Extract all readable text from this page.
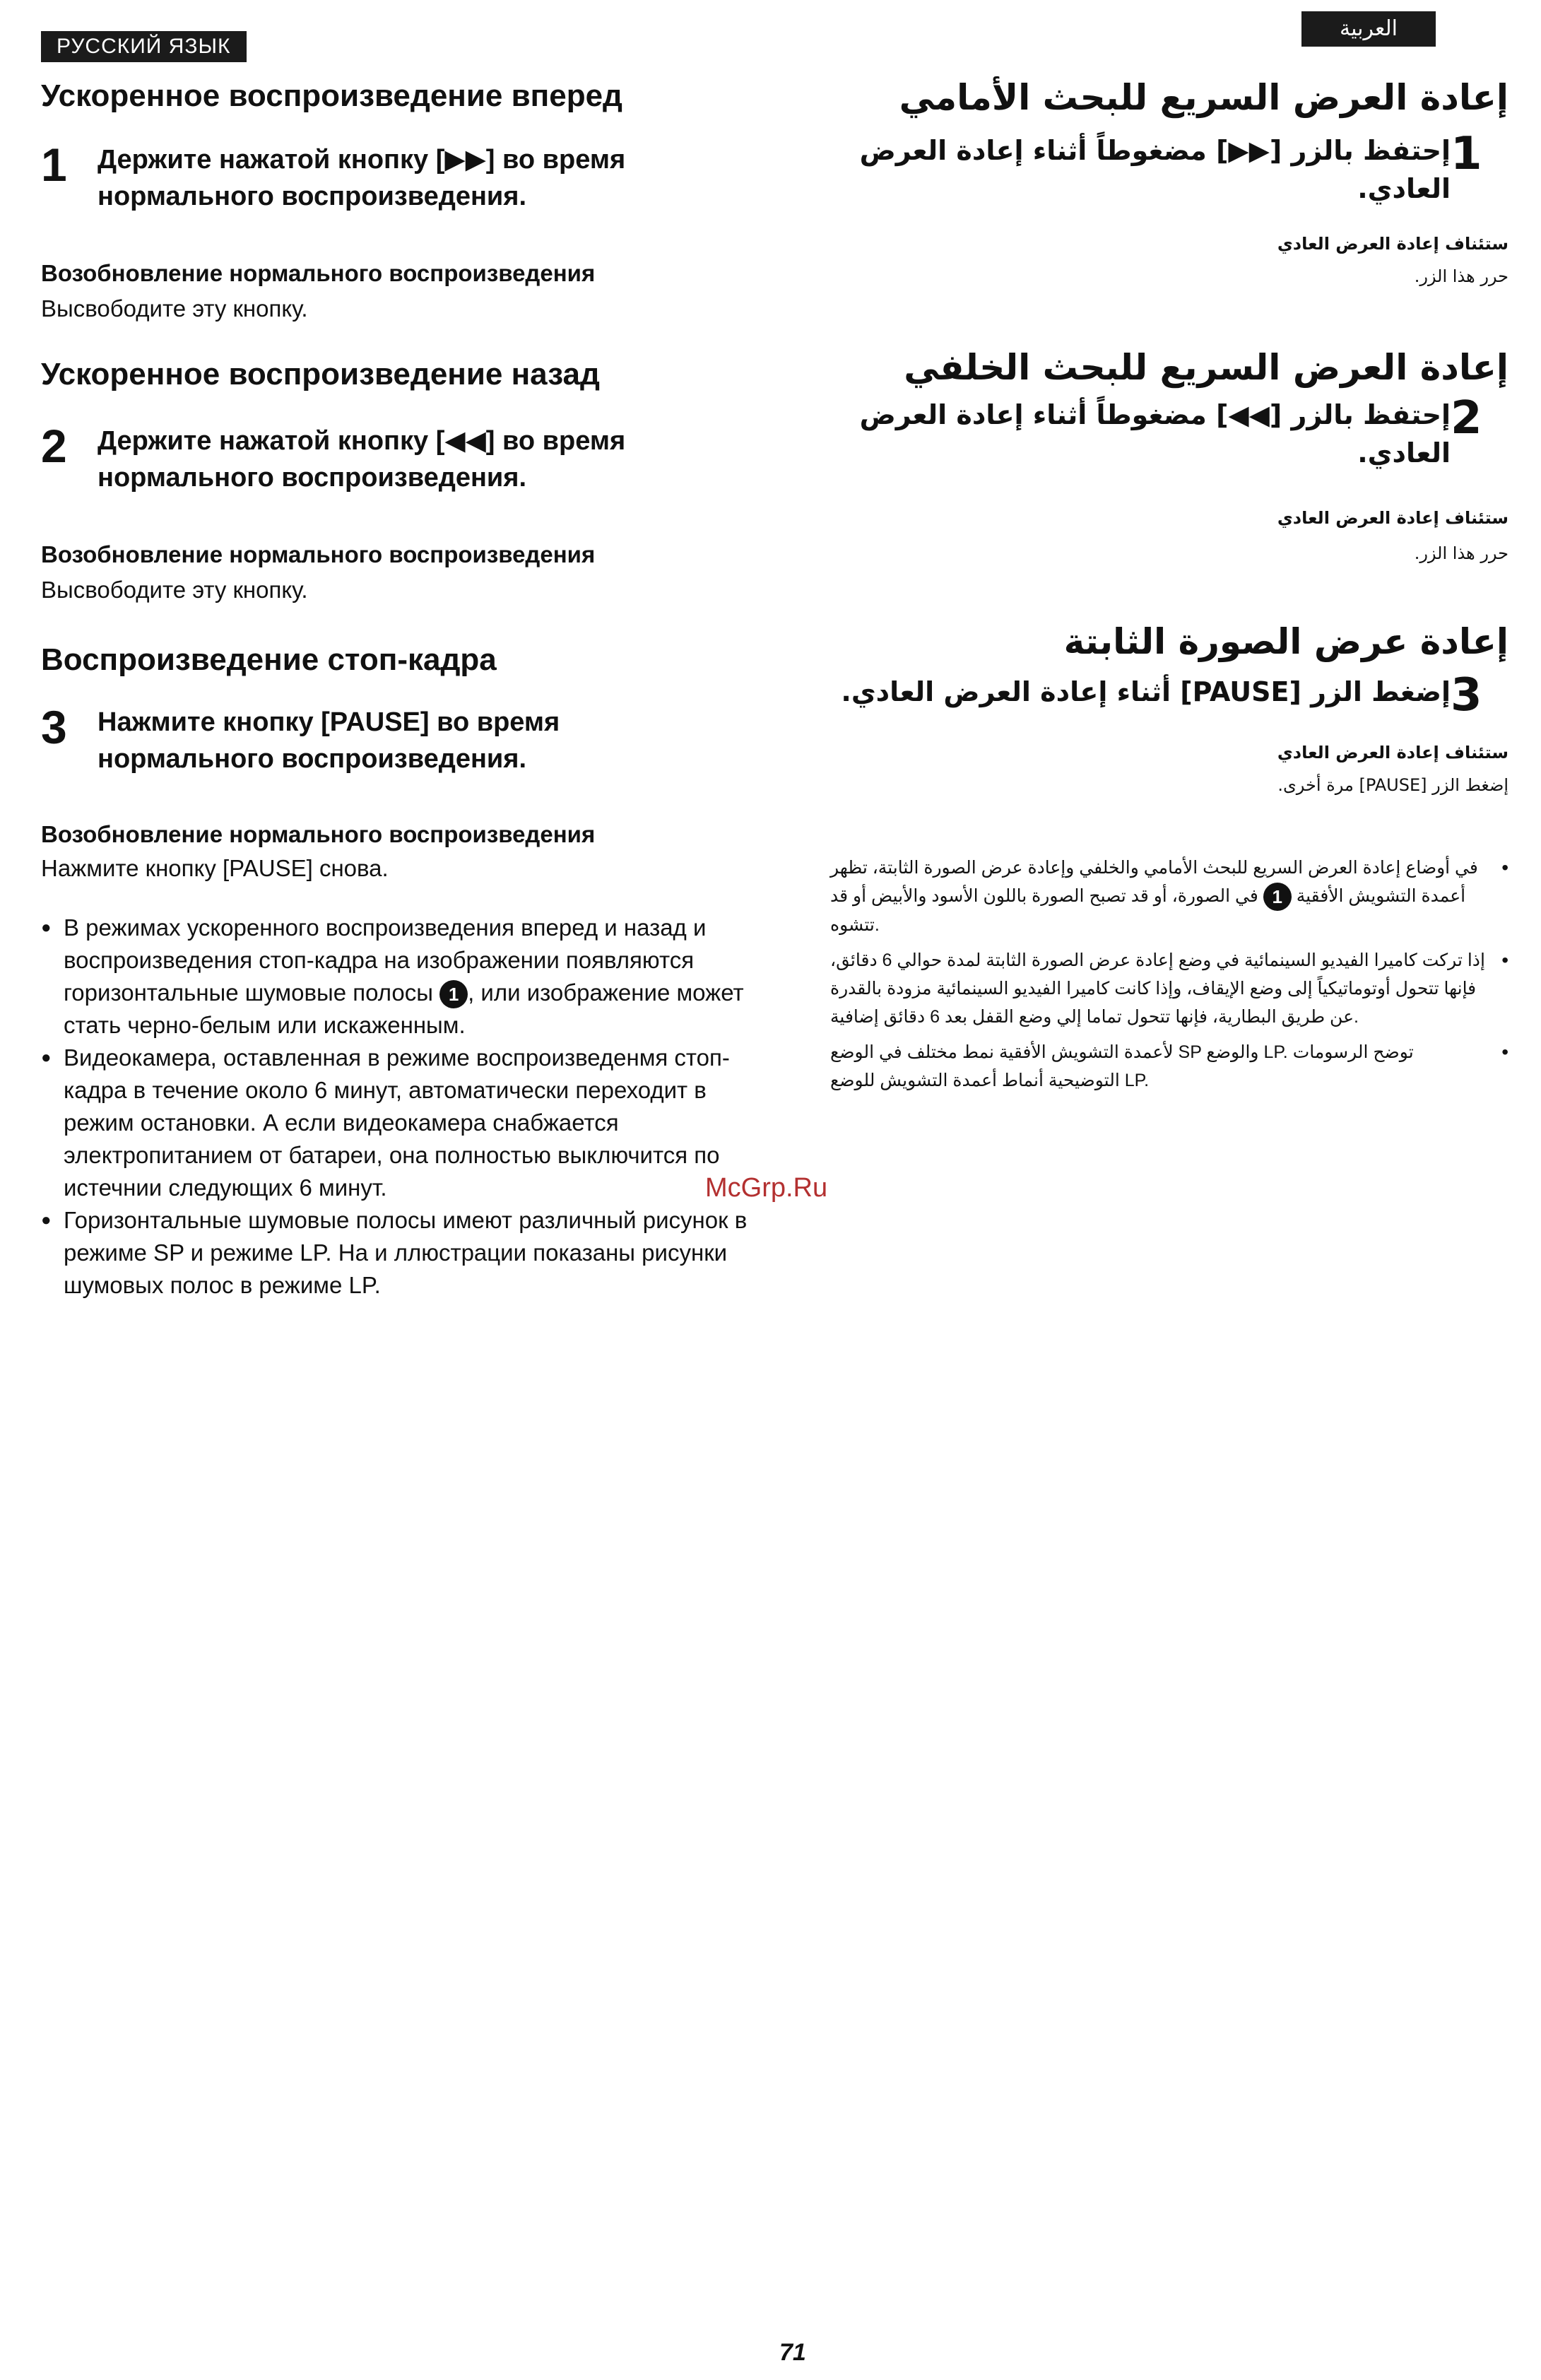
РУССКИЙ ЯЗЫК
Ускоренное воспроизведение вперед
1	Держите нажатой кнопку [▶▶] во время нормального воспроизведения.
Возобновление нормального воспроизведения
Высвободите эту кнопку.
Ускоренное воспроизведение назад
2	Держите нажатой кнопку [◀◀] во время нормального воспроизведения.
Возобновление нормального воспроизведения
Высвободите эту кнопку.
Воспроизведение стоп-кадра
3	Нажмите кнопку [PAUSE] во время нормального воспроизведения.
Возобновление нормального воспроизведения
Нажмите кнопку [PAUSE] снова.
● В режимах ускоренного воспроизведения вперед и назад и воспроизведения стоп-кадра на изображении появляются горизонтальные шумовые полосы 1 , или изображение может стать черно-белым или искаженным.
● Видеокамера, оставленная в режиме воспроизведенмя стоп-кадра в течение около 6 минут, автоматически переходит в режим остановки. А если видеокамера снабжается электропитанием от батареи, она полностью выключится по истечнии следующих 6 минут.
● Горизонтальные шумовые полосы имеют различный рисунок в режиме SP и режиме LP. На и ллюстрации показаны рисунки шумовых полос в режиме LP.
العربية
إعادة العرض السريع للبحث الأمامي
1
إحتفظ بالزر [▶▶] مضغوطاً أثناء إعادة العرض العادي.
ستئناف إعادة العرض العادي
حرر هذا الزر.
إعادة العرض السريع للبحث الخلفي
2
إحتفظ بالزر [◀◀] مضغوطاً أثناء إعادة العرض العادي.
ستئناف إعادة العرض العادي
حرر هذا الزر.
إعادة عرض الصورة الثابتة
3
إضغط الزر [PAUSE] أثناء إعادة العرض العادي.
ستئناف إعادة العرض العادي
إضغط الزر [PAUSE] مرة أخرى.
• في أوضاع إعادة العرض السريع للبحث الأمامي والخلفي وإعادة عرض الصورة الثابتة، تظهر أعمدة التشويش الأفقية 1 في الصورة، أو قد تصبح الصورة باللون الأسود والأبيض أو قد تتشوه.
• إذا تركت كاميرا الفيديو السينمائية في وضع إعادة عرض الصورة الثابتة لمدة حوالي 6 دقائق، فإنها تتحول أوتوماتيكياً إلى وضع الإيقاف، وإذا كانت كاميرا الفيديو السينمائية مزودة بالقدرة عن طريق البطارية، فإنها تتحول تماما إلي وضع القفل بعد 6 دقائق إضافية.
• لأعمدة التشويش الأفقية نمط مختلف في الوضع SP والوضع LP. توضح الرسومات التوضيحية أنماط أعمدة التشويش للوضع LP.
McGrp.Ru
71
